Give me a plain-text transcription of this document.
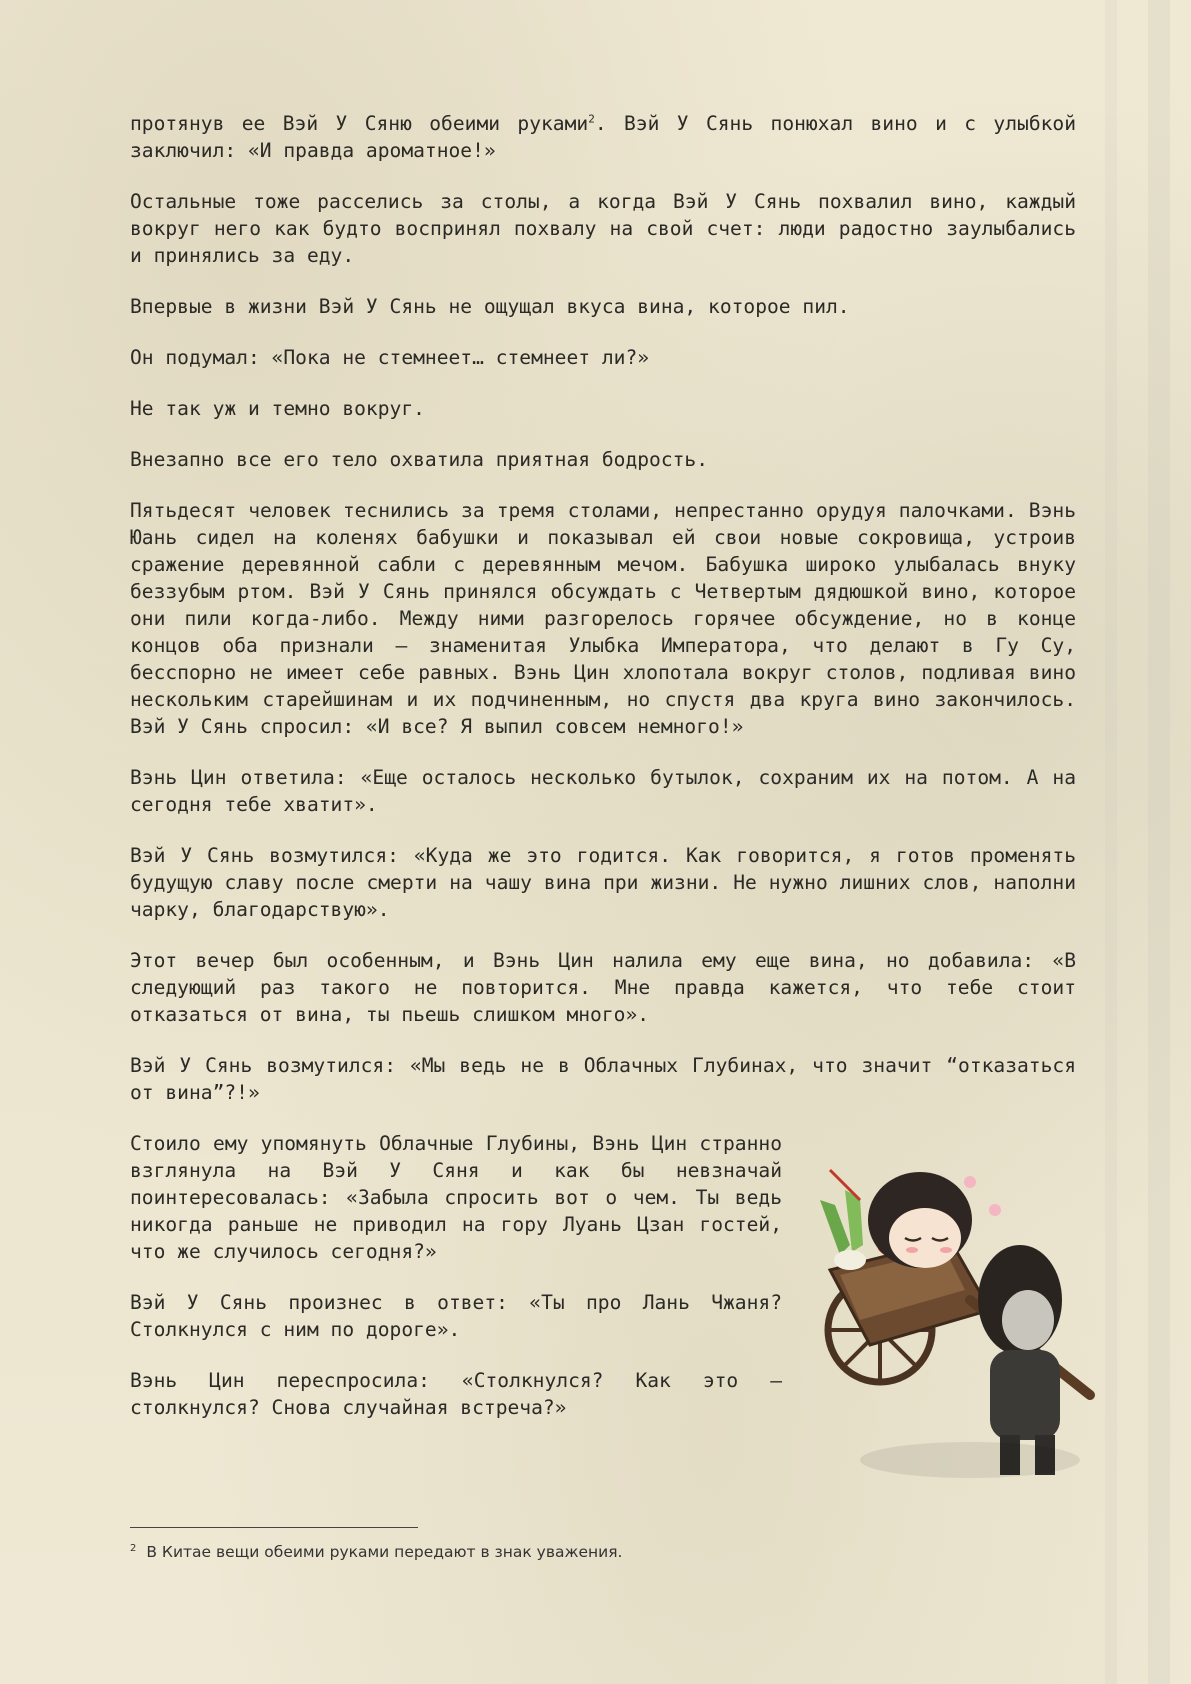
протянув ее Вэй У Сяню обеими руками$^2$. Вэй У Сянь понюхал вино и с улыбкой заключил: «И правда ароматное!»

Остальные тоже расселись за столы, а когда Вэй У Сянь похвалил вино, каждый вокруг него как будто воспринял похвалу на свой счет: люди радостно заулыбались и принялись за еду.

Впервые в жизни Вэй У Сянь не ощущал вкуса вина, которое пил.

Он подумал: «Пока не стемнеет… стемнеет ли?»

Не так уж и темно вокруг.

Внезапно все его тело охватила приятная бодрость.

Пятьдесят человек теснились за тремя столами, непрестанно орудуя палочками. Вэнь Юань сидел на коленях бабушки и показывал ей свои новые сокровища, устроив сражение деревянной сабли с деревянным мечом. Бабушка широко улыбалась внуку беззубым ртом. Вэй У Сянь принялся обсуждать с Четвертым дядюшкой вино, которое они пили когда-либо. Между ними разгорелось горячее обсуждение, но в конце концов оба признали — знаменитая Улыбка Императора, что делают в Гу Су, бесспорно не имеет себе равных. Вэнь Цин хлопотала вокруг столов, подливая вино нескольким старейшинам и их подчиненным, но спустя два круга вино закончилось. Вэй У Сянь спросил: «И все? Я выпил совсем немного!»

Вэнь Цин ответила: «Еще осталось несколько бутылок, сохраним их на потом. А на сегодня тебе хватит».

Вэй У Сянь возмутился: «Куда же это годится. Как говорится, я готов променять будущую славу после смерти на чашу вина при жизни. Не нужно лишних слов, наполни чарку, благодарствую».

Этот вечер был особенным, и Вэнь Цин налила ему еще вина, но добавила: «В следующий раз такого не повторится. Мне правда кажется, что тебе стоит отказаться от вина, ты пьешь слишком много».

Вэй У Сянь возмутился: «Мы ведь не в Облачных Глубинах, что значит “отказаться от вина”?!»

Стоило ему упомянуть Облачные Глубины, Вэнь Цин странно взглянула на Вэй У Сяня и как бы невзначай поинтересовалась: «Забыла спросить вот о чем. Ты ведь никогда раньше не приводил на гору Луань Цзан гостей, что же случилось сегодня?»

Вэй У Сянь произнес в ответ: «Ты про Лань Чжаня? Столкнулся с ним по дороге».

Вэнь Цин переспросила: «Столкнулся? Как это — столкнулся? Снова случайная встреча?»

$^2$ В Китае вещи обеими руками передают в знак уважения.
